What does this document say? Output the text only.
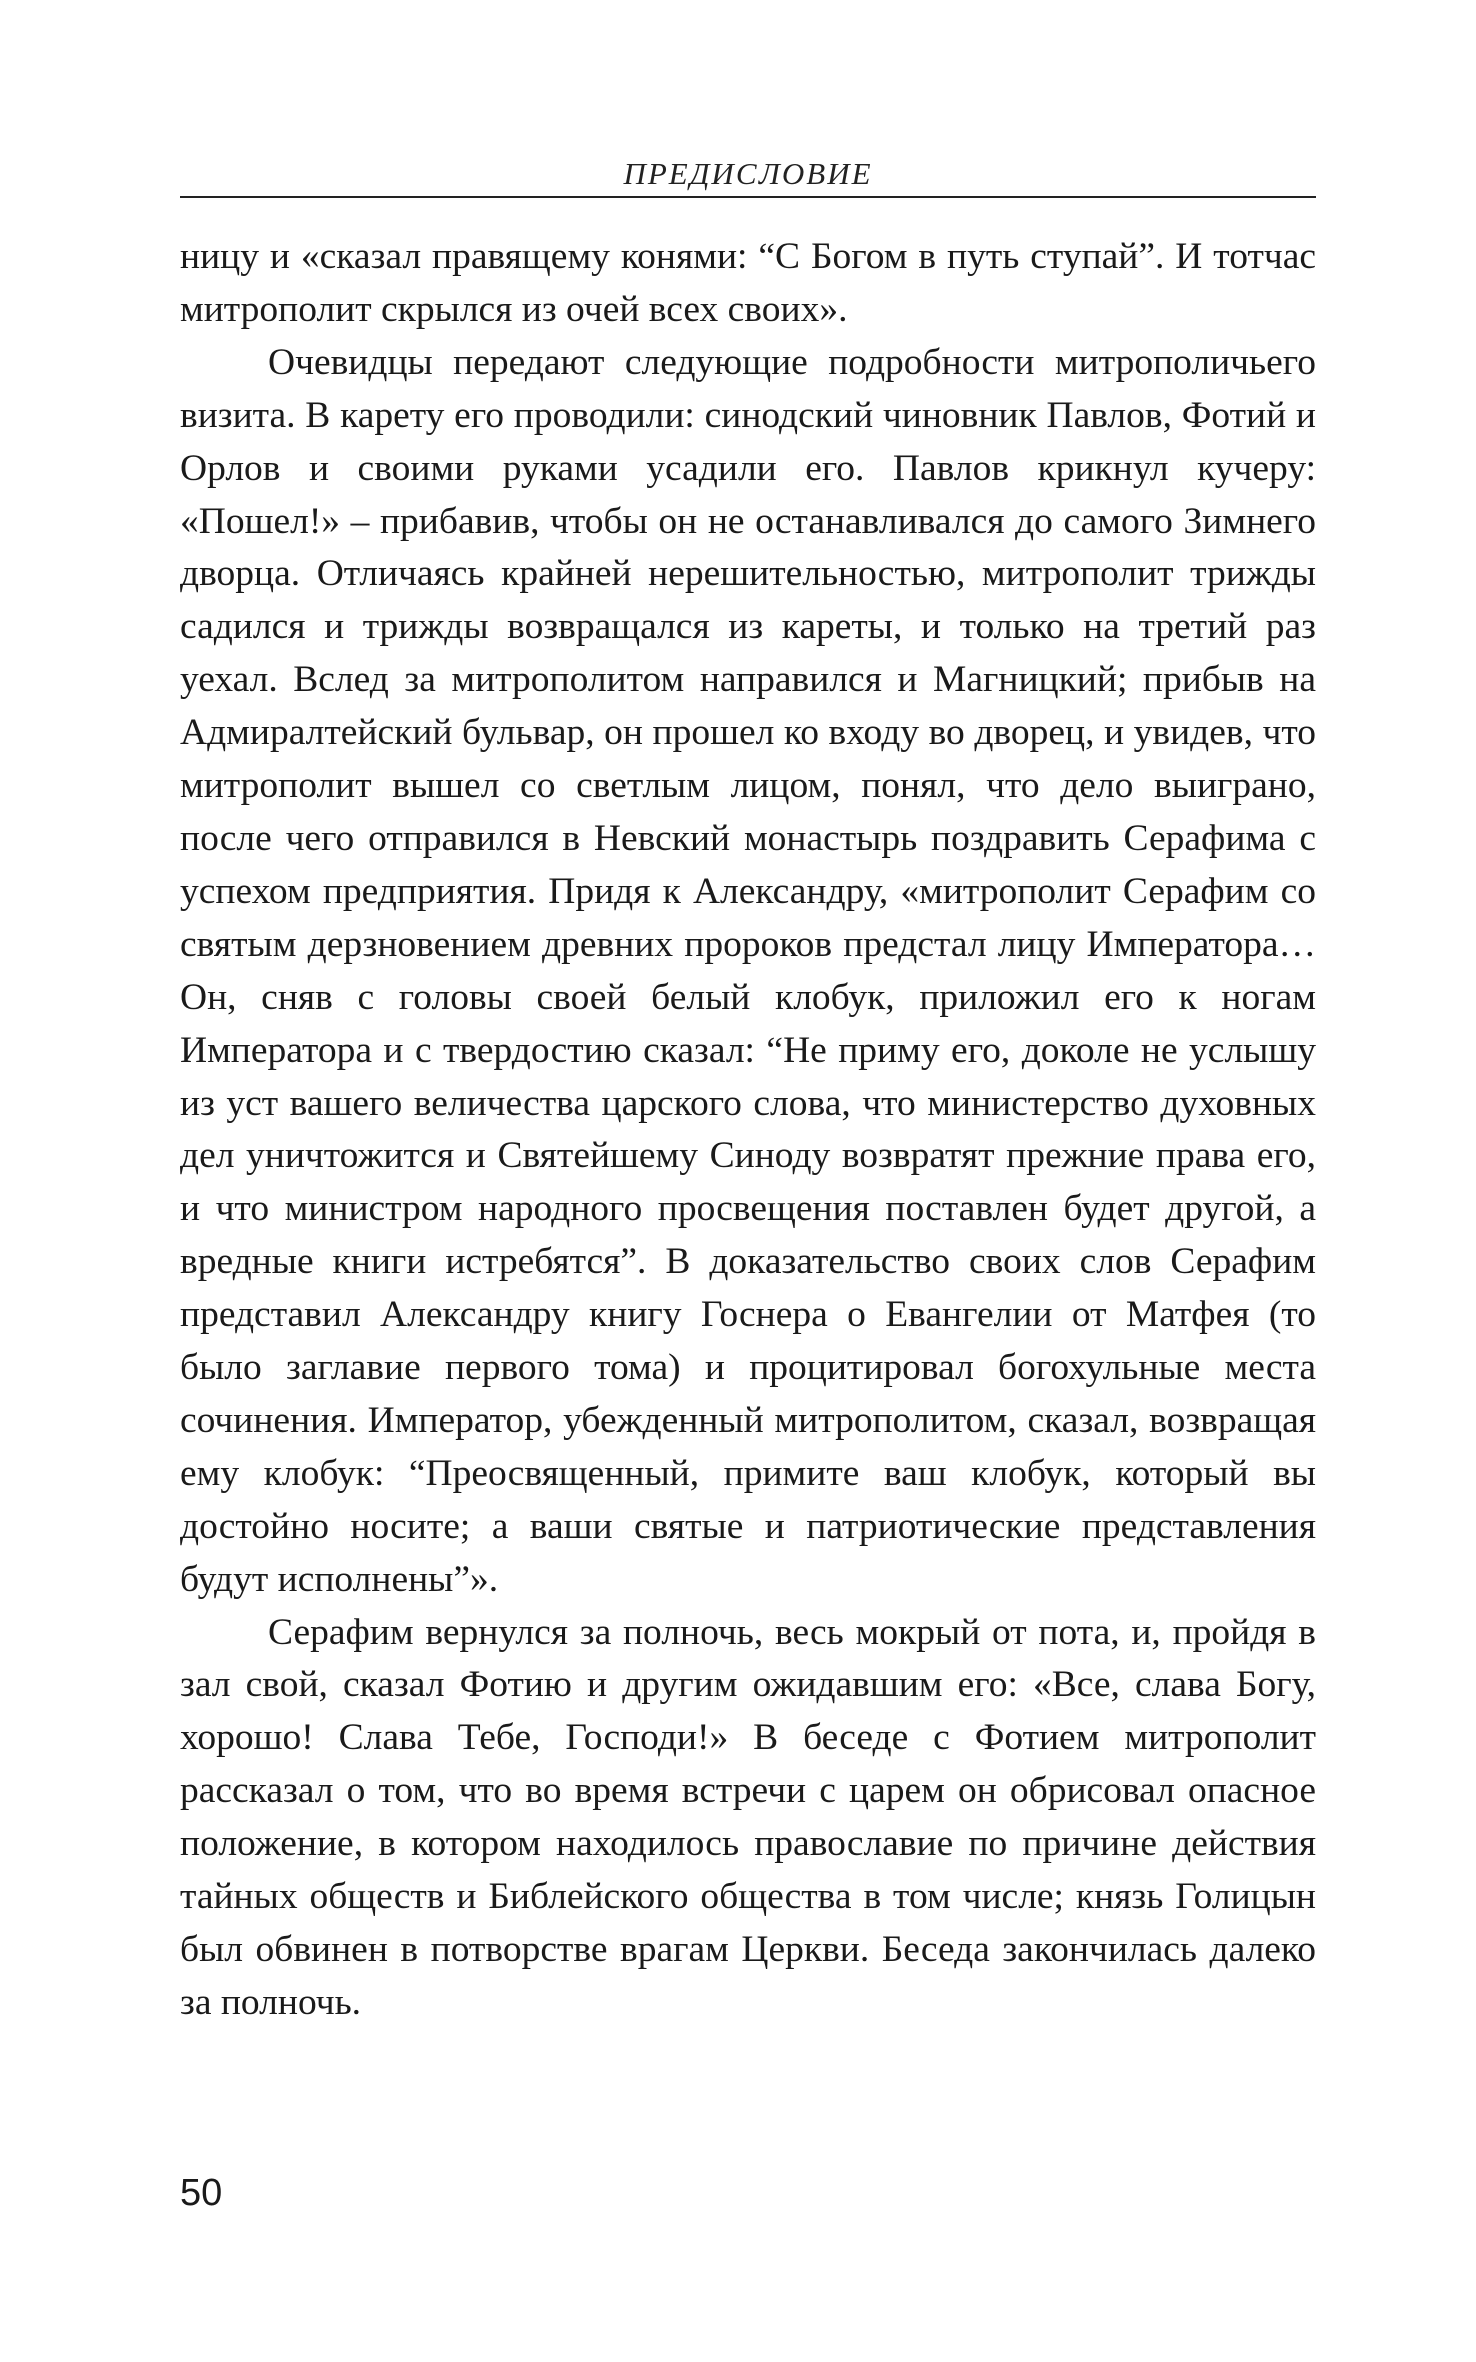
ПРЕДИСЛОВИЕ

ницу и «сказал правящему конями: “С Богом в путь ступай”. И тотчас митрополит скрылся из очей всех своих».

Очевидцы передают следующие подробности митрополичьего визита. В карету его проводили: синодский чиновник Павлов, Фотий и Орлов и своими руками усадили его. Павлов крикнул кучеру: «Пошел!» – прибавив, чтобы он не останавливался до самого Зимнего дворца. Отличаясь крайней нерешительностью, митрополит трижды садился и трижды возвращался из кареты, и только на третий раз уехал. Вслед за митрополитом направился и Магницкий; прибыв на Адмиралтейский бульвар, он прошел ко входу во дворец, и увидев, что митрополит вышел со светлым лицом, понял, что дело выиграно, после чего отправился в Невский монастырь поздравить Серафима с успехом предприятия. Придя к Александру, «митрополит Серафим со святым дерзновением древних пророков предстал лицу Императора… Он, сняв с головы своей белый клобук, приложил его к ногам Императора и с твердостию сказал: “Не приму его, доколе не услышу из уст вашего величества царского слова, что министерство духовных дел уничтожится и Святейшему Синоду возвратят прежние права его, и что министром народного просвещения поставлен будет другой, а вредные книги истребятся”. В доказательство своих слов Серафим представил Александру книгу Госнера о Евангелии от Матфея (то было заглавие первого тома) и процитировал богохульные места сочинения. Император, убежденный митрополитом, сказал, возвращая ему клобук: “Преосвященный, примите ваш клобук, который вы достойно носите; а ваши святые и патриотические представления будут исполнены”».

Серафим вернулся за полночь, весь мокрый от пота, и, пройдя в зал свой, сказал Фотию и другим ожидавшим его: «Все, слава Богу, хорошо! Слава Тебе, Господи!» В беседе с Фотием митрополит рассказал о том, что во время встречи с царем он обрисовал опасное положение, в котором находилось православие по причине действия тайных обществ и Библейского общества в том числе; князь Голицын был обвинен в потворстве врагам Церкви. Беседа закончилась далеко за полночь.

50
